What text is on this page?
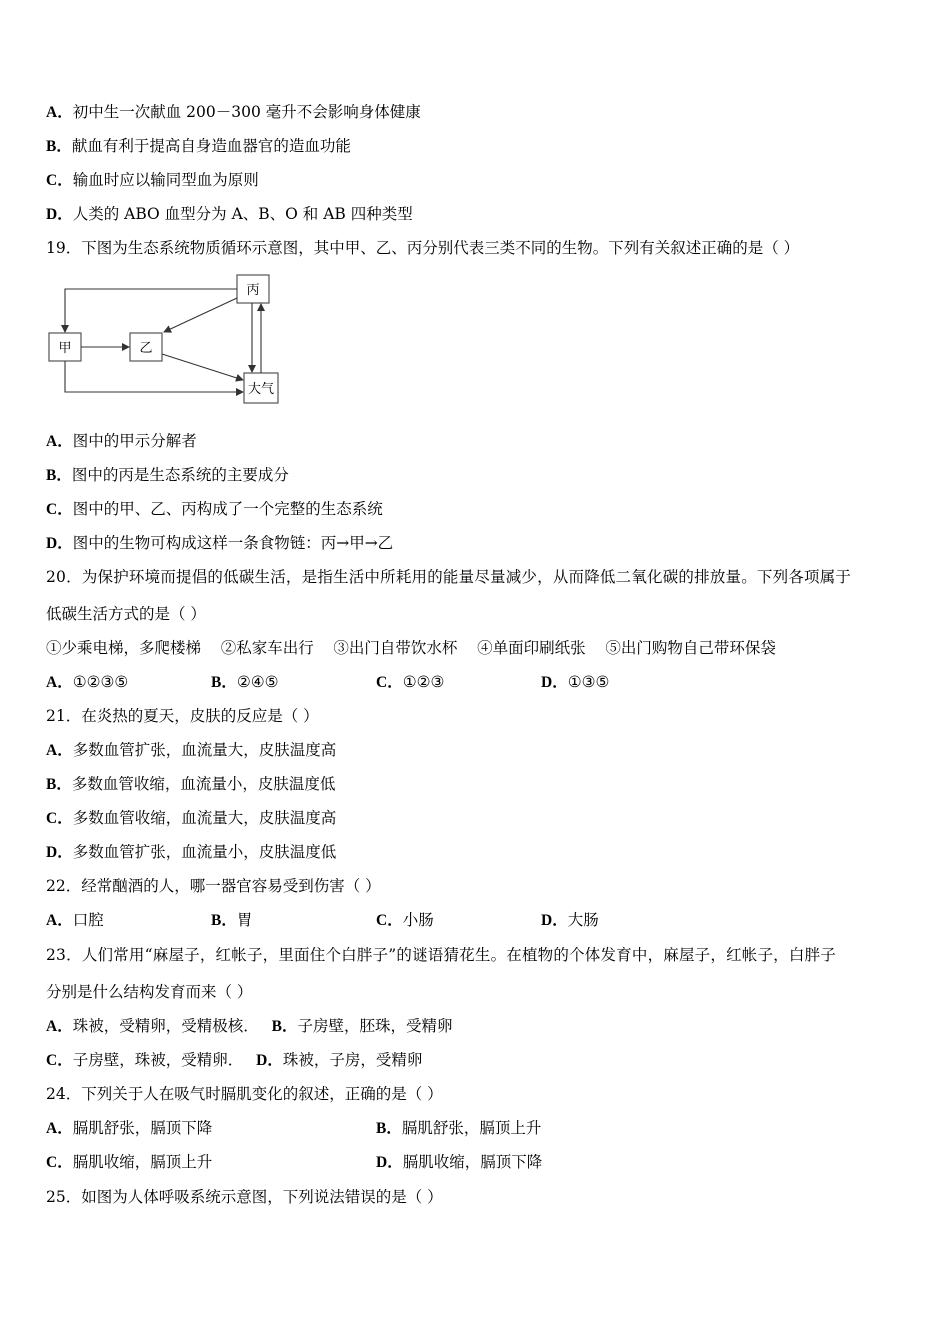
A．初中生一次献血 200－300 毫升不会影响身体健康
B．献血有利于提高自身造血器官的造血功能
C．输血时应以输同型血为原则
D．人类的 ABO 血型分为 A、B、O 和 AB 四种类型
19．下图为生态系统物质循环示意图，其中甲、乙、丙分别代表三类不同的生物。下列有关叙述正确的是（ ）
丙
甲	乙
大气
A．图中的甲示分解者
B．图中的丙是生态系统的主要成分
C．图中的甲、乙、丙构成了一个完整的生态系统
D．图中的生物可构成这样一条食物链：丙→甲→乙
20．为保护环境而提倡的低碳生活，是指生活中所耗用的能量尽量减少，从而降低二氧化碳的排放量。下列各项属于
低碳生活方式的是（ ）
①少乘电梯，多爬楼梯    ②私家车出行    ③出门自带饮水杯    ④单面印刷纸张    ⑤出门购物自己带环保袋
A．①②③⑤	B．②④⑤	C．①②③	D．①③⑤
21．在炎热的夏天，皮肤的反应是（ ）
A．多数血管扩张，血流量大，皮肤温度高
B．多数血管收缩，血流量小，皮肤温度低
C．多数血管收缩，血流量大，皮肤温度高
D．多数血管扩张，血流量小，皮肤温度低
22．经常酗酒的人，哪一器官容易受到伤害（ ）
A．口腔	B．胃	C．小肠	D．大肠
23．人们常用“麻屋子，红帐子，里面住个白胖子”的谜语猜花生。在植物的个体发育中，麻屋子，红帐子，白胖子
分别是什么结构发育而来（ ）
A．珠被，受精卵，受精极核． B．子房壁，胚珠，受精卵
C．子房壁，珠被，受精卵． D．珠被，子房，受精卵
24．下列关于人在吸气时膈肌变化的叙述，正确的是（ ）
A．膈肌舒张，膈顶下降	B．膈肌舒张，膈顶上升
C．膈肌收缩，膈顶上升	D．膈肌收缩，膈顶下降
25．如图为人体呼吸系统示意图，下列说法错误的是（ ）
